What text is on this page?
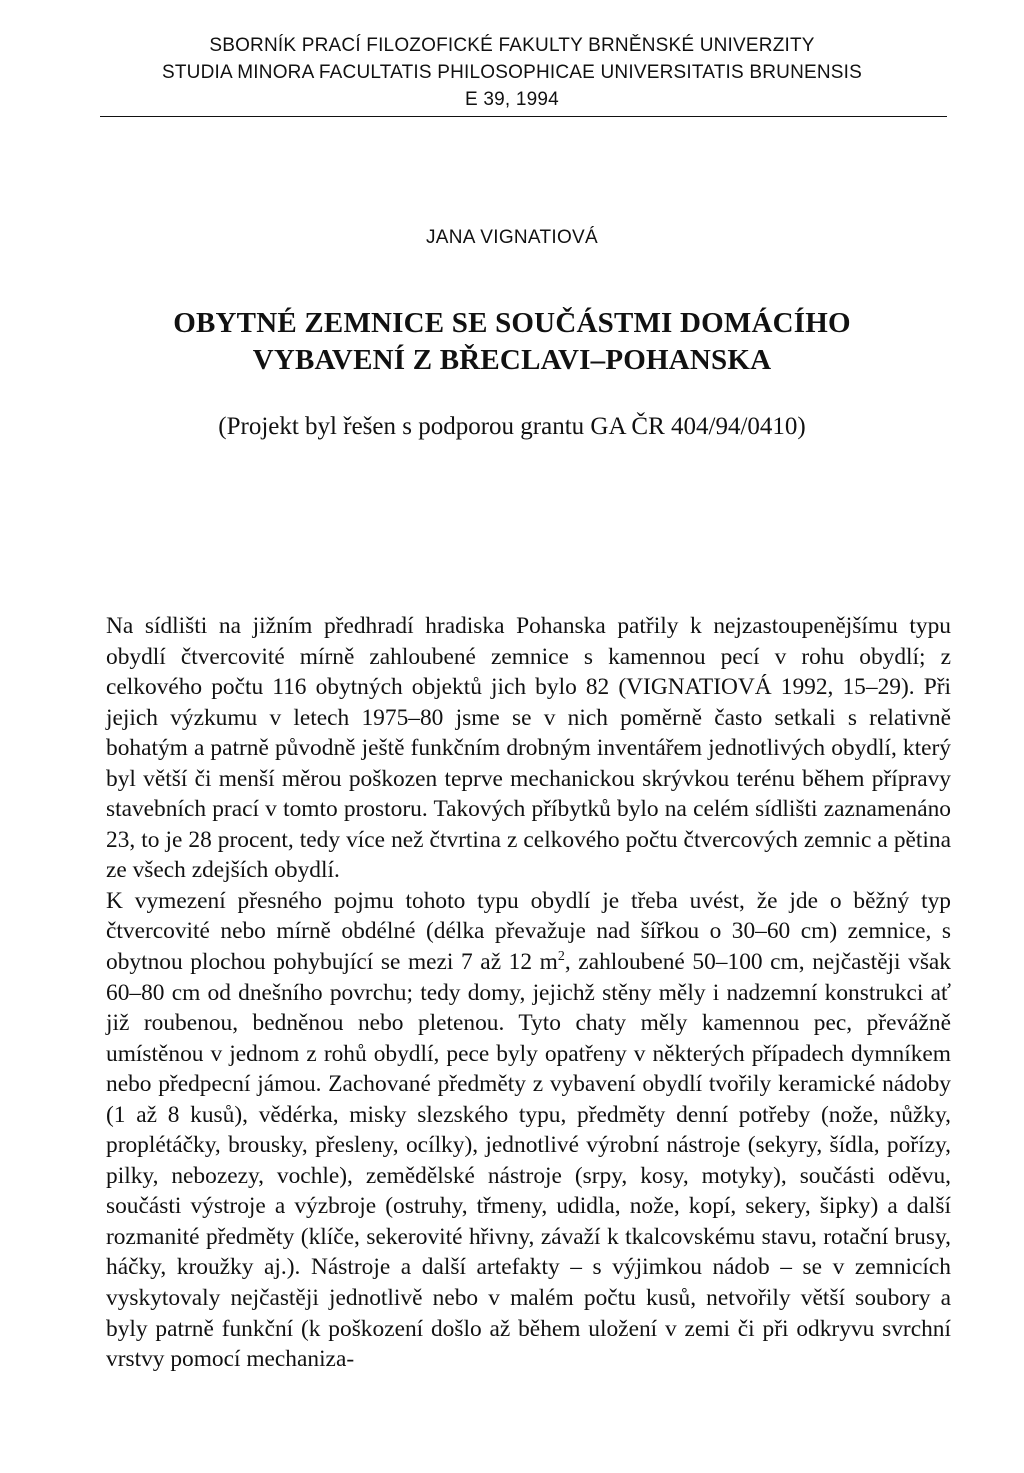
SBORNÍK PRACÍ FILOZOFICKÉ FAKULTY BRNĚNSKÉ UNIVERZITY
STUDIA MINORA FACULTATIS PHILOSOPHICAE UNIVERSITATIS BRUNENSIS
E 39, 1994
JANA VIGNATIOVÁ
OBYTNÉ ZEMNICE SE SOUČÁSTMI DOMÁCÍHO
VYBAVENÍ Z BŘECLAVI–POHANSKA
(Projekt byl řešen s podporou grantu GA ČR 404/94/0410)

Na sídlišti na jižním předhradí hradiska Pohanska patřily k nejzastoupenějšímu typu obydlí čtvercovité mírně zahloubené zemnice s kamennou pecí v rohu obydlí; z celkového počtu 116 obytných objektů jich bylo 82 (VIGNATIOVÁ 1992, 15–29). Při jejich výzkumu v letech 1975–80 jsme se v nich poměrně často setkali s relativně bohatým a patrně původně ještě funkčním drobným inventářem jednotlivých obydlí, který byl větší či menší měrou poškozen teprve mechanickou skrývkou terénu během přípravy stavebních prací v tomto prostoru. Takových příbytků bylo na celém sídlišti zaznamenáno 23, to je 28 procent, tedy více než čtvrtina z celkového počtu čtvercových zemnic a pětina ze všech zdejších obydlí.

K vymezení přesného pojmu tohoto typu obydlí je třeba uvést, že jde o běžný typ čtvercovité nebo mírně obdélné (délka převažuje nad šířkou o 30–60 cm) zemnice, s obytnou plochou pohybující se mezi 7 až 12 $m^2$, zahloubené 50–100 cm, nejčastěji však 60–80 cm od dnešního povrchu; tedy domy, jejichž stěny měly i nadzemní konstrukci ať již roubenou, bedněnou nebo pletenou. Tyto chaty měly kamennou pec, převážně umístěnou v jednom z rohů obydlí, pece byly opatřeny v některých případech dymníkem nebo předpecní jámou. Zachované předměty z vybavení obydlí tvořily keramické nádoby (1 až 8 kusů), vědérka, misky slezského typu, předměty denní potřeby (nože, nůžky, proplétáčky, brousky, přesleny, ocílky), jednotlivé výrobní nástroje (sekyry, šídla, pořízy, pilky, nebozezy, vochle), zemědělské nástroje (srpy, kosy, motyky), součásti oděvu, součásti výstroje a výzbroje (ostruhy, třmeny, udidla, nože, kopí, sekery, šipky) a další rozmanité předměty (klíče, sekerovité hřivny, závaží k tkalcovskému stavu, rotační brusy, háčky, kroužky aj.). Nástroje a další artefakty – s výjimkou nádob – se v zemnicích vyskytovaly nejčastěji jednotlivě nebo v malém počtu kusů, netvořily větší soubory a byly patrně funkční (k poškození došlo až během uložení v zemi či při odkryvu svrchní vrstvy pomocí mechaniza-
